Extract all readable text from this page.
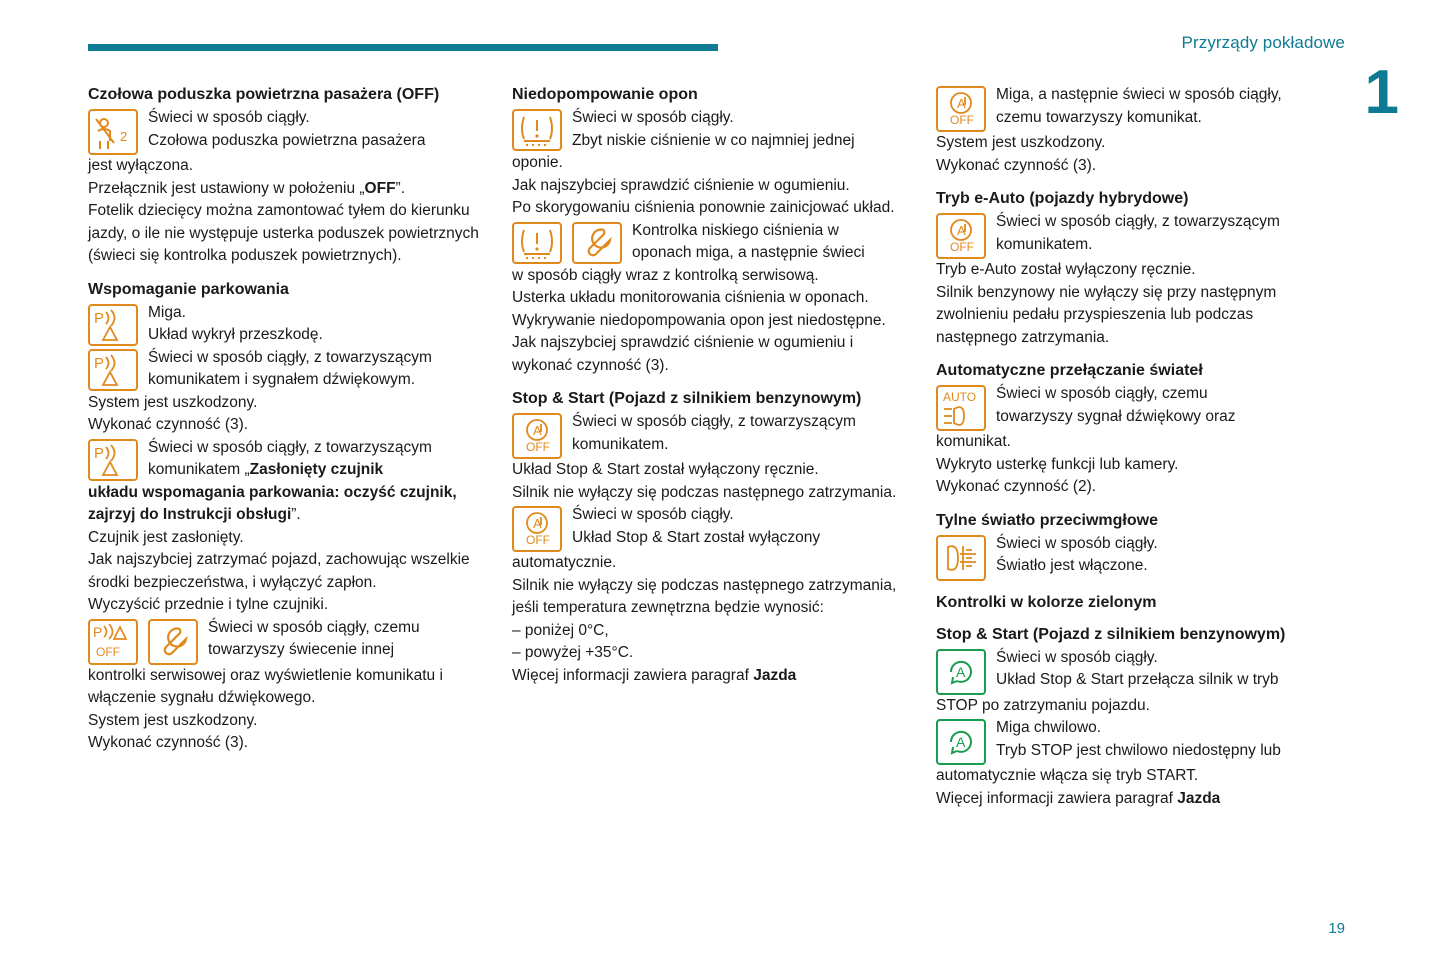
Przyrządy pokładowe
1
19
Czołowa poduszka powietrzna pasażera (OFF)
2
Świeci w sposób ciągły.
Czołowa poduszka powietrzna pasażera

jest wyłączona.

Przełącznik jest ustawiony w położeniu „OFF”.

Fotelik dziecięcy można zamontować tyłem do kierunku jazdy, o ile nie występuje usterka poduszek powietrznych (świeci się kontrolka poduszek powietrznych).

Wspomaganie parkowania
P	Miga.
Układ wykrył przeszkodę.
P	Świeci w sposób ciągły, z towarzyszącym
komunikatem i sygnałem dźwiękowym.

System jest uszkodzony.

Wykonać czynność (3).

P	Świeci w sposób ciągły, z towarzyszącym
komunikatem „Zasłonięty czujnik

układu wspomagania parkowania: oczyść czujnik, zajrzyj do Instrukcji obsługi”.

Czujnik jest zasłonięty.

Jak najszybciej zatrzymać pojazd, zachowując wszelkie środki bezpieczeństwa, i wyłączyć zapłon.

Wyczyścić przednie i tylne czujniki.

P
OFF
Świeci w sposób ciągły, czemu
towarzyszy świecenie innej

kontrolki serwisowej oraz wyświetlenie komunikatu i włączenie sygnału dźwiękowego.

System jest uszkodzony.

Wykonać czynność (3).

Niedopompowanie opon
Świeci w sposób ciągły.
Zbyt niskie ciśnienie w co najmniej jednej

oponie.

Jak najszybciej sprawdzić ciśnienie w ogumieniu.

Po skorygowaniu ciśnienia ponownie zainicjować układ.

Kontrolka niskiego ciśnienia w
oponach miga, a następnie świeci

w sposób ciągły wraz z kontrolką serwisową.

Usterka układu monitorowania ciśnienia w oponach.

Wykrywanie niedopompowania opon jest niedostępne.

Jak najszybciej sprawdzić ciśnienie w ogumieniu i wykonać czynność (3).

Stop & Start (Pojazd z silnikiem benzynowym)
A
OFF
Świeci w sposób ciągły, z towarzyszącym
komunikatem.

Układ Stop & Start został wyłączony ręcznie.

Silnik nie wyłączy się podczas następnego zatrzymania.

A
OFF
Świeci w sposób ciągły.
Układ Stop & Start został wyłączony

automatycznie.

Silnik nie wyłączy się podczas następnego zatrzymania, jeśli temperatura zewnętrzna będzie wynosić:

– poniżej 0°C,

– powyżej +35°C.

Więcej informacji zawiera paragraf Jazda

A
OFF
Miga, a następnie świeci w sposób ciągły,
czemu towarzyszy komunikat.

System jest uszkodzony.

Wykonać czynność (3).

Tryb e-Auto (pojazdy hybrydowe)
A
OFF
Świeci w sposób ciągły, z towarzyszącym
komunikatem.

Tryb e-Auto został wyłączony ręcznie.

Silnik benzynowy nie wyłączy się przy następnym zwolnieniu pedału przyspieszenia lub podczas następnego zatrzymania.

Automatyczne przełączanie świateł
AUTO	Świeci w sposób ciągły, czemu
towarzyszy sygnał dźwiękowy oraz

komunikat.

Wykryto usterkę funkcji lub kamery.

Wykonać czynność (2).

Tylne światło przeciwmgłowe
Świeci w sposób ciągły.
Światło jest włączone.
Kontrolki w kolorze zielonym
Stop & Start (Pojazd z silnikiem benzynowym)
A
Świeci w sposób ciągły.
Układ Stop & Start przełącza silnik w tryb

STOP po zatrzymaniu pojazdu.

A
Miga chwilowo.
Tryb STOP jest chwilowo niedostępny lub

automatycznie włącza się tryb START.

Więcej informacji zawiera paragraf Jazda
